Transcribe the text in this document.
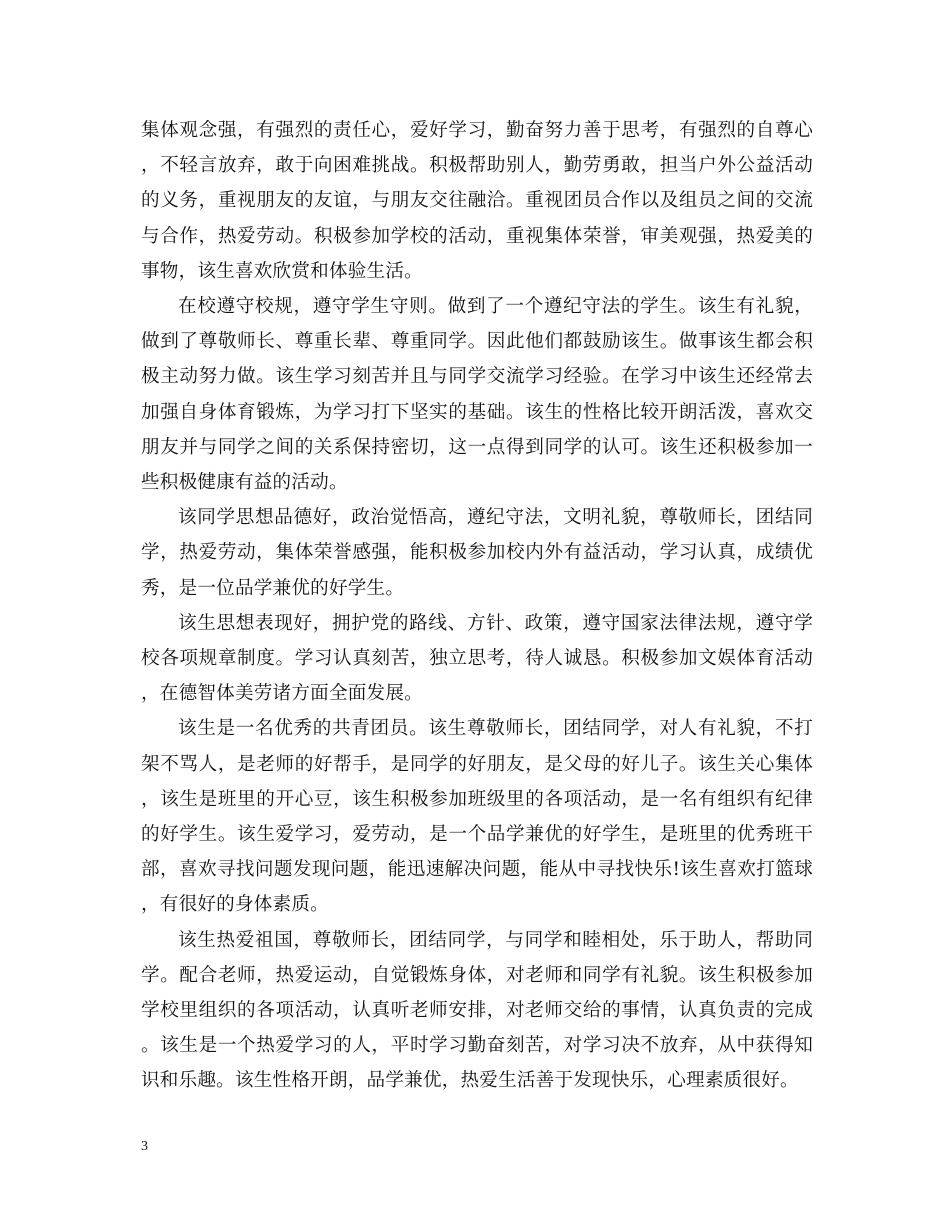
集体观念强，有强烈的责任心，爱好学习，勤奋努力善于思考，有强烈的自尊心，不轻言放弃，敢于向困难挑战。积极帮助别人，勤劳勇敢，担当户外公益活动的义务，重视朋友的友谊，与朋友交往融洽。重视团员合作以及组员之间的交流与合作，热爱劳动。积极参加学校的活动，重视集体荣誉，审美观强，热爱美的事物，该生喜欢欣赏和体验生活。

在校遵守校规，遵守学生守则。做到了一个遵纪守法的学生。该生有礼貌，做到了尊敬师长、尊重长辈、尊重同学。因此他们都鼓励该生。做事该生都会积极主动努力做。该生学习刻苦并且与同学交流学习经验。在学习中该生还经常去加强自身体育锻炼，为学习打下坚实的基础。该生的性格比较开朗活泼，喜欢交朋友并与同学之间的关系保持密切，这一点得到同学的认可。该生还积极参加一些积极健康有益的活动。

该同学思想品德好，政治觉悟高，遵纪守法，文明礼貌，尊敬师长，团结同学，热爱劳动，集体荣誉感强，能积极参加校内外有益活动，学习认真，成绩优秀，是一位品学兼优的好学生。

该生思想表现好，拥护党的路线、方针、政策，遵守国家法律法规，遵守学校各项规章制度。学习认真刻苦，独立思考，待人诚恳。积极参加文娱体育活动，在德智体美劳诸方面全面发展。

该生是一名优秀的共青团员。该生尊敬师长，团结同学，对人有礼貌，不打架不骂人，是老师的好帮手，是同学的好朋友，是父母的好儿子。该生关心集体，该生是班里的开心豆，该生积极参加班级里的各项活动，是一名有组织有纪律的好学生。该生爱学习，爱劳动，是一个品学兼优的好学生，是班里的优秀班干部，喜欢寻找问题发现问题，能迅速解决问题，能从中寻找快乐!该生喜欢打篮球，有很好的身体素质。

该生热爱祖国，尊敬师长，团结同学，与同学和睦相处，乐于助人，帮助同学。配合老师，热爱运动，自觉锻炼身体，对老师和同学有礼貌。该生积极参加学校里组织的各项活动，认真听老师安排，对老师交给的事情，认真负责的完成。该生是一个热爱学习的人，平时学习勤奋刻苦，对学习决不放弃，从中获得知识和乐趣。该生性格开朗，品学兼优，热爱生活善于发现快乐，心理素质很好。

3
